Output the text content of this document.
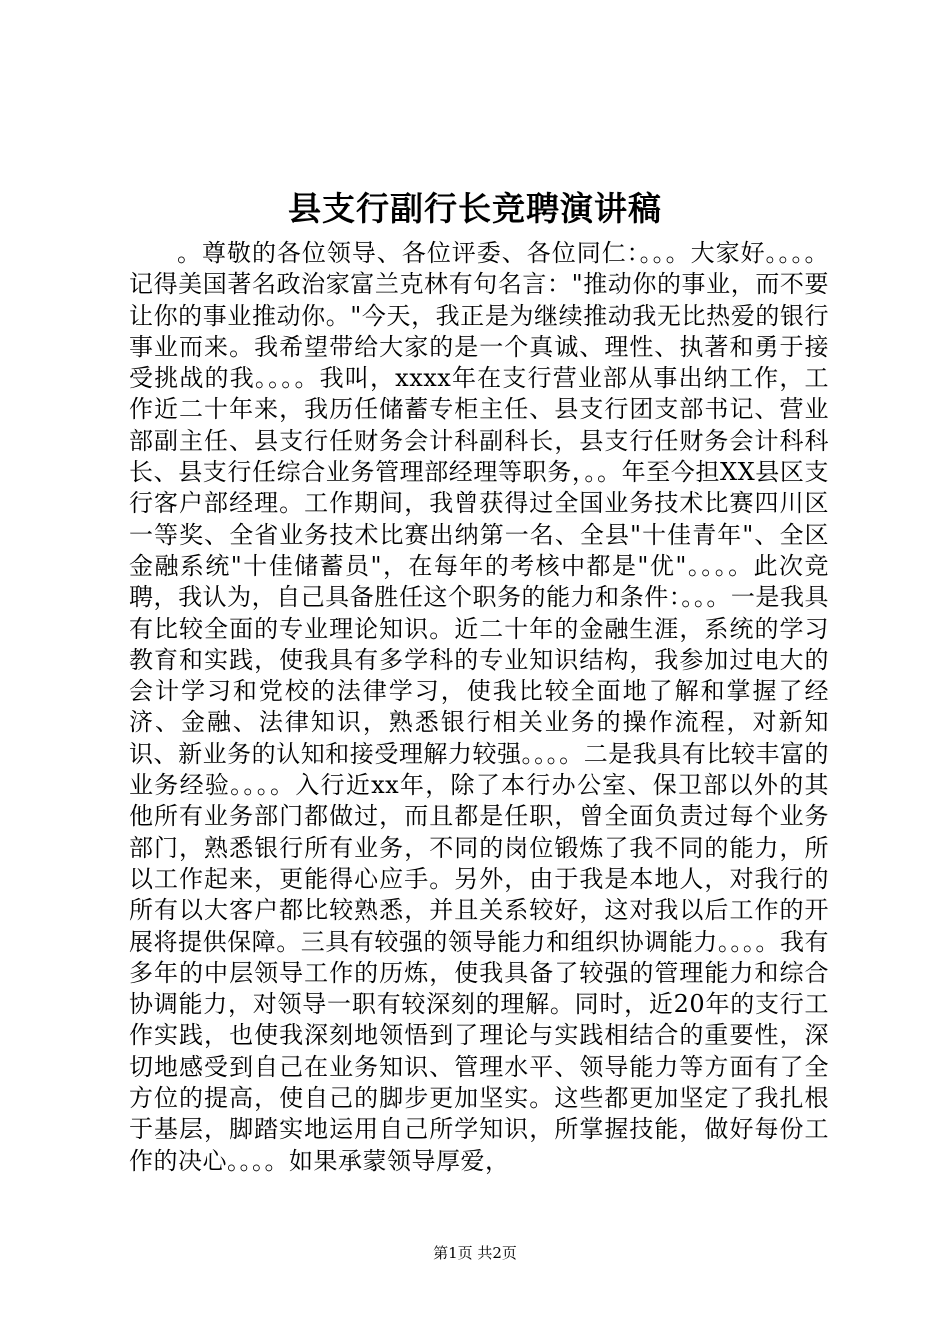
县支行副行长竞聘演讲稿

。尊敬的各位领导、各位评委、各位同仁：。。。大家好。。。。记得美国著名政治家富兰克林有句名言："推动你的事业，而不要让你的事业推动你。"今天，我正是为继续推动我无比热爱的银行事业而来。我希望带给大家的是一个真诚、理性、执著和勇于接受挑战的我。。。。我叫，xxxx年在支行营业部从事出纳工作，工作近二十年来，我历任储蓄专柜主任、县支行团支部书记、营业部副主任、县支行任财务会计科副科长，县支行任财务会计科科长、县支行任综合业务管理部经理等职务，。。年至今担XX县区支行客户部经理。工作期间，我曾获得过全国业务技术比赛四川区一等奖、全省业务技术比赛出纳第一名、全县"十佳青年"、全区金融系统"十佳储蓄员"，在每年的考核中都是"优"。。。。此次竞聘，我认为，自己具备胜任这个职务的能力和条件：。。。一是我具有比较全面的专业理论知识。近二十年的金融生涯，系统的学习教育和实践，使我具有多学科的专业知识结构，我参加过电大的会计学习和党校的法律学习，使我比较全面地了解和掌握了经济、金融、法律知识，熟悉银行相关业务的操作流程，对新知识、新业务的认知和接受理解力较强。。。。二是我具有比较丰富的业务经验。。。。入行近xx年，除了本行办公室、保卫部以外的其他所有业务部门都做过，而且都是任职，曾全面负责过每个业务部门，熟悉银行所有业务，不同的岗位锻炼了我不同的能力，所以工作起来，更能得心应手。另外，由于我是本地人，对我行的所有以大客户都比较熟悉，并且关系较好，这对我以后工作的开展将提供保障。三具有较强的领导能力和组织协调能力。。。。我有多年的中层领导工作的历炼，使我具备了较强的管理能力和综合协调能力，对领导一职有较深刻的理解。同时，近20年的支行工作实践，也使我深刻地领悟到了理论与实践相结合的重要性，深切地感受到自己在业务知识、管理水平、领导能力等方面有了全方位的提高，使自己的脚步更加坚实。这些都更加坚定了我扎根于基层，脚踏实地运用自己所学知识，所掌握技能，做好每份工作的决心。。。。如果承蒙领导厚爱，

第1页 共2页
